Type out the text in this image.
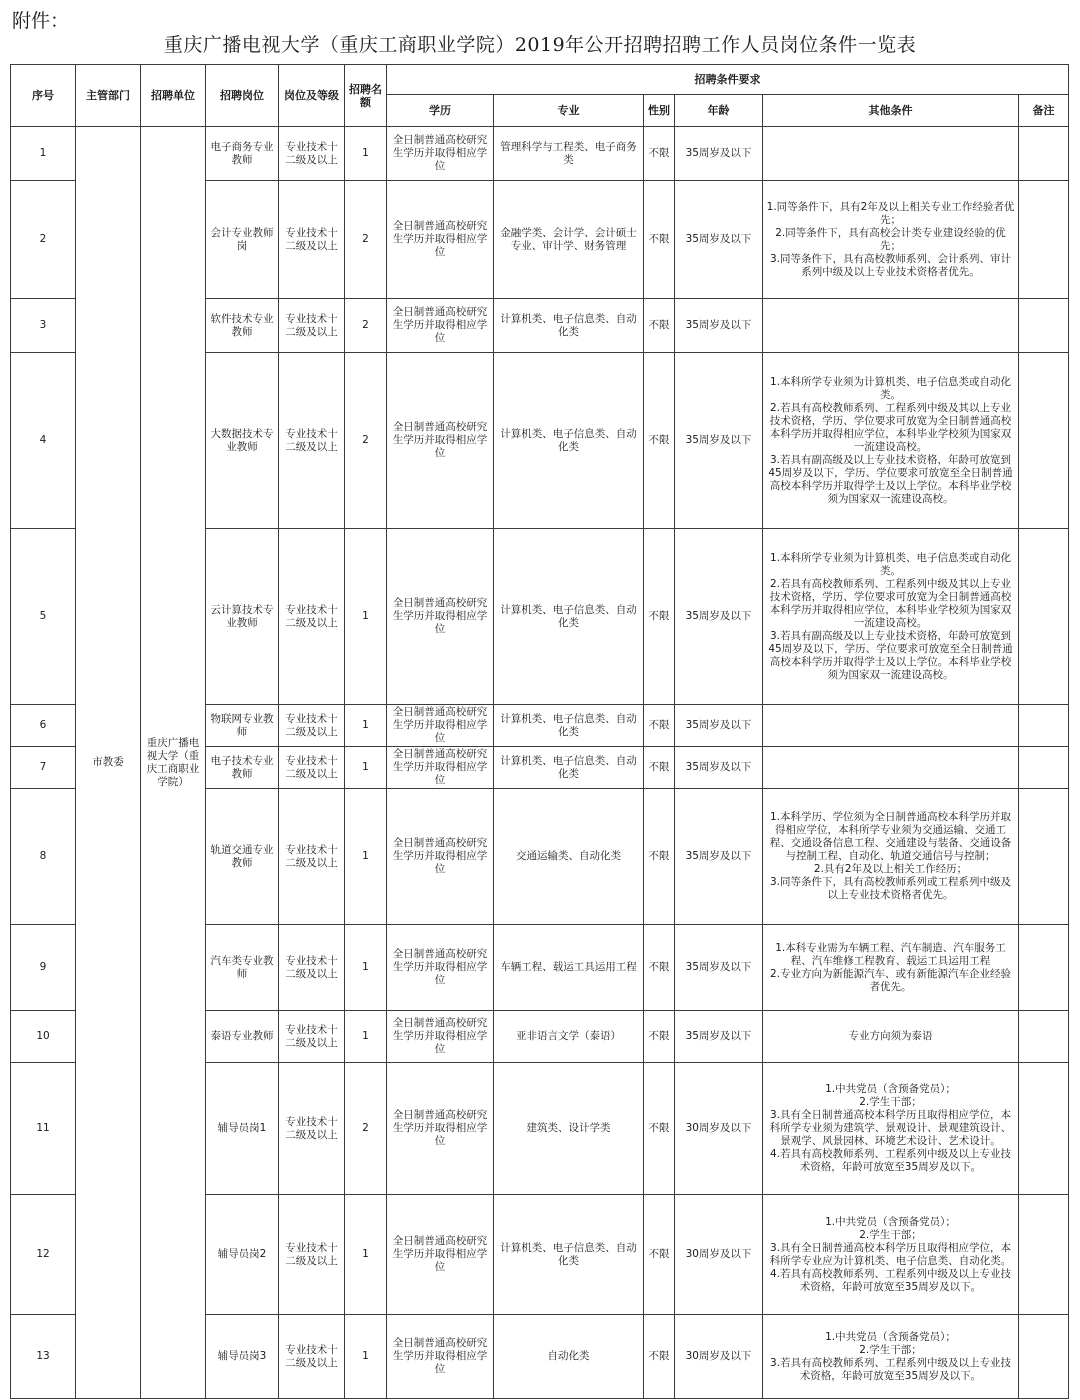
附件：
重庆广播电视大学（重庆工商职业学院）2019年公开招聘招聘工作人员岗位条件一览表
序号	主管部门	招聘单位	招聘岗位	岗位及等级	招聘名额	招聘条件要求					
						学历	专业	性别	年龄	其他条件	备注
1	市教委	重庆广播电视大学（重庆工商职业学院）	电子商务专业教师	专业技术十二级及以上	1	全日制普通高校研究生学历并取得相应学位	管理科学与工程类、电子商务类	不限	35周岁及以下		
2			会计专业教师岗	专业技术十二级及以上	2	全日制普通高校研究生学历并取得相应学位	金融学类、会计学、会计硕士专业、审计学、财务管理	不限	35周岁及以下	1.同等条件下，具有2年及以上相关专业工作经验者优先；
2.同等条件下，具有高校会计类专业建设经验的优先；
3.同等条件下，具有高校教师系列、会计系列、审计系列中级及以上专业技术资格者优先。	
3			软件技术专业教师	专业技术十二级及以上	2	全日制普通高校研究生学历并取得相应学位	计算机类、电子信息类、自动化类	不限	35周岁及以下		
4			大数据技术专业教师	专业技术十二级及以上	2	全日制普通高校研究生学历并取得相应学位	计算机类、电子信息类、自动化类	不限	35周岁及以下	1.本科所学专业须为计算机类、电子信息类或自动化类。
2.若具有高校教师系列、工程系列中级及其以上专业技术资格，学历、学位要求可放宽为全日制普通高校本科学历并取得相应学位，本科毕业学校须为国家双一流建设高校。
3.若具有副高级及以上专业技术资格，年龄可放宽到45周岁及以下，学历、学位要求可放宽至全日制普通高校本科学历并取得学士及以上学位。本科毕业学校须为国家双一流建设高校。	
5			云计算技术专业教师	专业技术十二级及以上	1	全日制普通高校研究生学历并取得相应学位	计算机类、电子信息类、自动化类	不限	35周岁及以下	1.本科所学专业须为计算机类、电子信息类或自动化类。
2.若具有高校教师系列、工程系列中级及其以上专业技术资格，学历、学位要求可放宽为全日制普通高校本科学历并取得相应学位，本科毕业学校须为国家双一流建设高校。
3.若具有副高级及以上专业技术资格，年龄可放宽到45周岁及以下，学历、学位要求可放宽至全日制普通高校本科学历并取得学士及以上学位。本科毕业学校须为国家双一流建设高校。	
6			物联网专业教师	专业技术十二级及以上	1	全日制普通高校研究生学历并取得相应学位	计算机类、电子信息类、自动化类	不限	35周岁及以下		
7			电子技术专业教师	专业技术十二级及以上	1	全日制普通高校研究生学历并取得相应学位	计算机类、电子信息类、自动化类	不限	35周岁及以下		
8			轨道交通专业教师	专业技术十二级及以上	1	全日制普通高校研究生学历并取得相应学位	交通运输类、自动化类	不限	35周岁及以下	1.本科学历、学位须为全日制普通高校本科学历并取得相应学位，本科所学专业须为交通运输、交通工程、交通设备信息工程、交通建设与装备、交通设备与控制工程、自动化、轨道交通信号与控制；
2.具有2年及以上相关工作经历；
3.同等条件下，具有高校教师系列或工程系列中级及以上专业技术资格者优先。	
9			汽车类专业教师	专业技术十二级及以上	1	全日制普通高校研究生学历并取得相应学位	车辆工程、载运工具运用工程	不限	35周岁及以下	1.本科专业需为车辆工程、汽车制造、汽车服务工程、汽车维修工程教育、载运工具运用工程
2.专业方向为新能源汽车、或有新能源汽车企业经验者优先。	
10			泰语专业教师	专业技术十二级及以上	1	全日制普通高校研究生学历并取得相应学位	亚非语言文学（泰语）	不限	35周岁及以下	专业方向须为泰语	
11			辅导员岗1	专业技术十二级及以上	2	全日制普通高校研究生学历并取得相应学位	建筑类、设计学类	不限	30周岁及以下	1.中共党员（含预备党员）；
2.学生干部；
3.具有全日制普通高校本科学历且取得相应学位，本科所学专业须为建筑学、景观设计、景观建筑设计、景观学、风景园林、环境艺术设计、艺术设计。
4.若具有高校教师系列、工程系列中级及以上专业技术资格，年龄可放宽至35周岁及以下。	
12			辅导员岗2	专业技术十二级及以上	1	全日制普通高校研究生学历并取得相应学位	计算机类、电子信息类、自动化类	不限	30周岁及以下	1.中共党员（含预备党员）；
2.学生干部；
3.具有全日制普通高校本科学历且取得相应学位，本科所学专业应为计算机类、电子信息类、自动化类。
4.若具有高校教师系列、工程系列中级及以上专业技术资格，年龄可放宽至35周岁及以下。	
13			辅导员岗3	专业技术十二级及以上	1	全日制普通高校研究生学历并取得相应学位	自动化类	不限	30周岁及以下	1.中共党员（含预备党员）；
2.学生干部；
3.若具有高校教师系列、工程系列中级及以上专业技术资格，年龄可放宽至35周岁及以下。	
